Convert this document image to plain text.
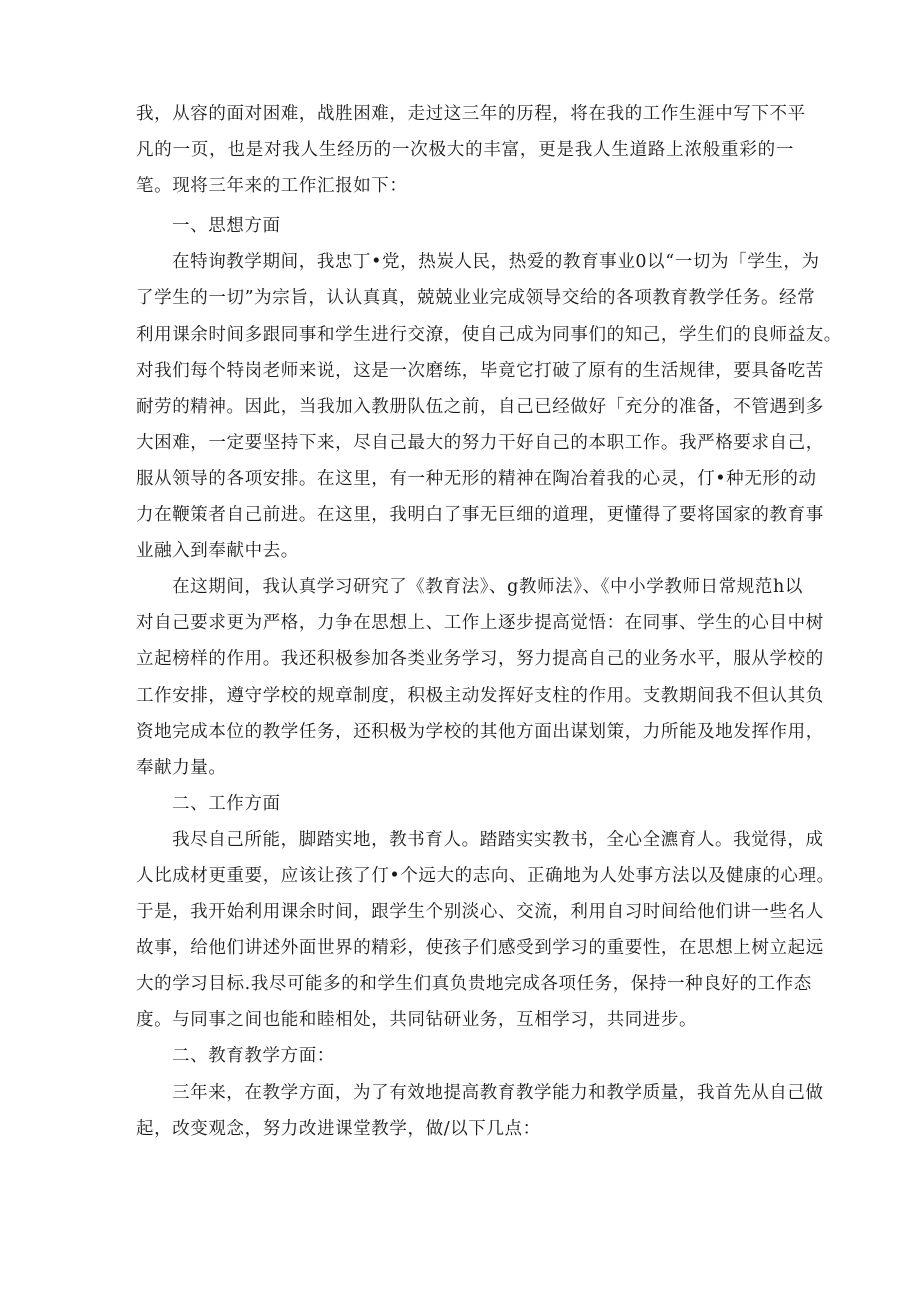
我，从容的面对困难，战胜困难，走过这三年的历程，将在我的工作生涯中写下不平
凡的一页，也是对我人生经历的一次极大的丰富，更是我人生道路上浓般重彩的一
笔。现将三年来的工作汇报如下：
一、思想方面
在特询教学期间，我忠丁•党，热炭人民，热爱的教育事业0以“一切为「学生，为
了学生的一切”为宗旨，认认真真，兢兢业业完成领导交给的各项教育教学任务。经常
利用课余时间多跟同事和学生进行交潦，使自己成为同事们的知己，学生们的良师益友。
对我们每个特岗老师来说，这是一次磨练，毕竟它打破了原有的生活规律，要具备吃苦
耐劳的精神。因此，当我加入教册队伍之前，自己已经做好「充分的准备，不管遇到多
大困难，一定要坚持下来，尽自己最大的努力干好自己的本职工作。我严格要求自己，
服从领导的各项安排。在这里，有一种无形的精神在陶冶着我的心灵，仃•种无形的动
力在鞭策者自己前进。在这里，我明白了事无巨细的道理，更懂得了要将国家的教育事
业融入到奉献中去。
在这期间，我认真学习研究了《教育法》、g教师法》、《中小学教师日常规范h以
对自己要求更为严格，力争在思想上、工作上逐步提高觉悟：在同事、学生的心目中树
立起榜样的作用。我还积极参加各类业务学习，努力提高自己的业务水平，服从学校的
工作安排，遵守学校的规章制度，积极主动发挥好支柱的作用。支教期间我不但认其负
资地完成本位的教学任务，还积极为学校的其他方面出谋划策，力所能及地发挥作用，
奉献力量。
二、工作方面
我尽自己所能，脚踏实地，教书育人。踏踏实实教书，全心全瀌育人。我觉得，成
人比成材更重要，应该让孩了仃•个远大的志向、正确地为人处事方法以及健康的心理。
于是，我开始利用课余时间，跟学生个别淡心、交流，利用自习时间给他们讲一些名人
故事，给他们讲述外面世界的精彩，使孩子们感受到学习的重要性，在思想上树立起远
大的学习目标.我尽可能多的和学生们真负贵地完成各项任务，保持一种良好的工作态
度。与同事之间也能和睦相处，共同钻研业务，互相学习，共同进步。
二、教育教学方面：
三年来，在教学方面，为了有效地提高教育教学能力和教学质量，我首先从自己做
起，改变观念，努力改进课堂教学，做/以下几点：
